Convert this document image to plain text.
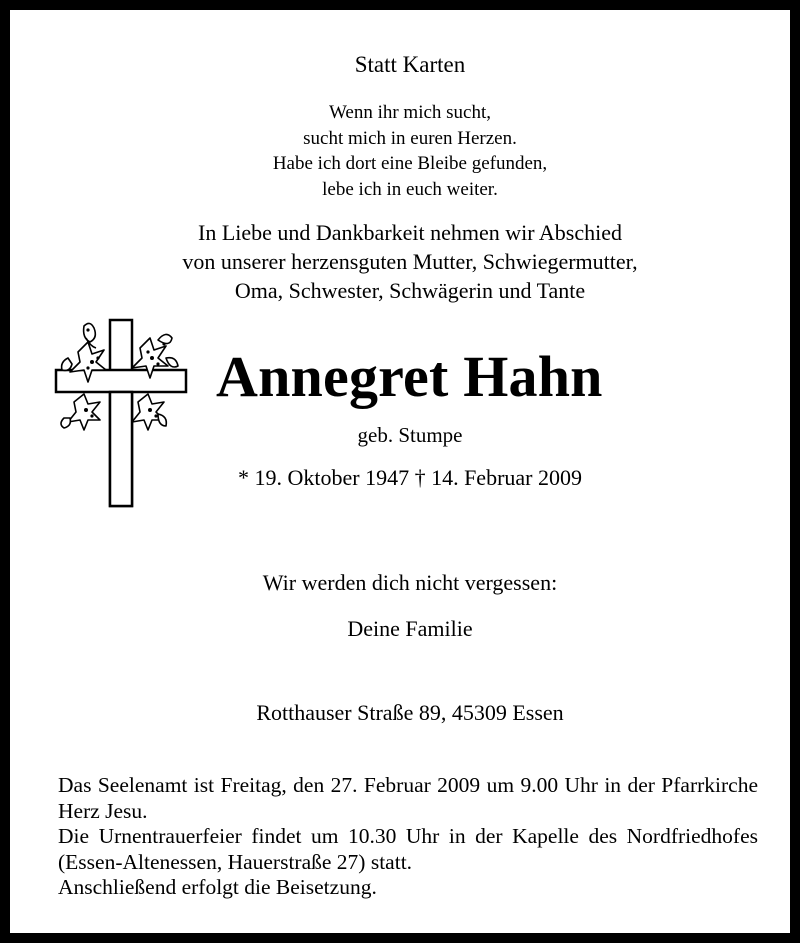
Statt Karten
Wenn ihr mich sucht,
sucht mich in euren Herzen.
Habe ich dort eine Bleibe gefunden,
lebe ich in euch weiter.
In Liebe und Dankbarkeit nehmen wir Abschied
von unserer herzensguten Mutter, Schwiegermutter,
Oma, Schwester, Schwägerin und Tante
Annegret Hahn
geb. Stumpe
* 19. Oktober 1947 † 14. Februar 2009
Wir werden dich nicht vergessen:
Deine Familie
Rotthauser Straße 89, 45309 Essen

Das Seelenamt ist Freitag, den 27. Februar 2009 um 9.00 Uhr in der Pfarrkirche Herz Jesu.

Die Urnentrauerfeier findet um 10.30 Uhr in der Kapelle des Nordfriedhofes (Essen-Altenessen, Hauerstraße 27) statt.

Anschließend erfolgt die Beisetzung.
